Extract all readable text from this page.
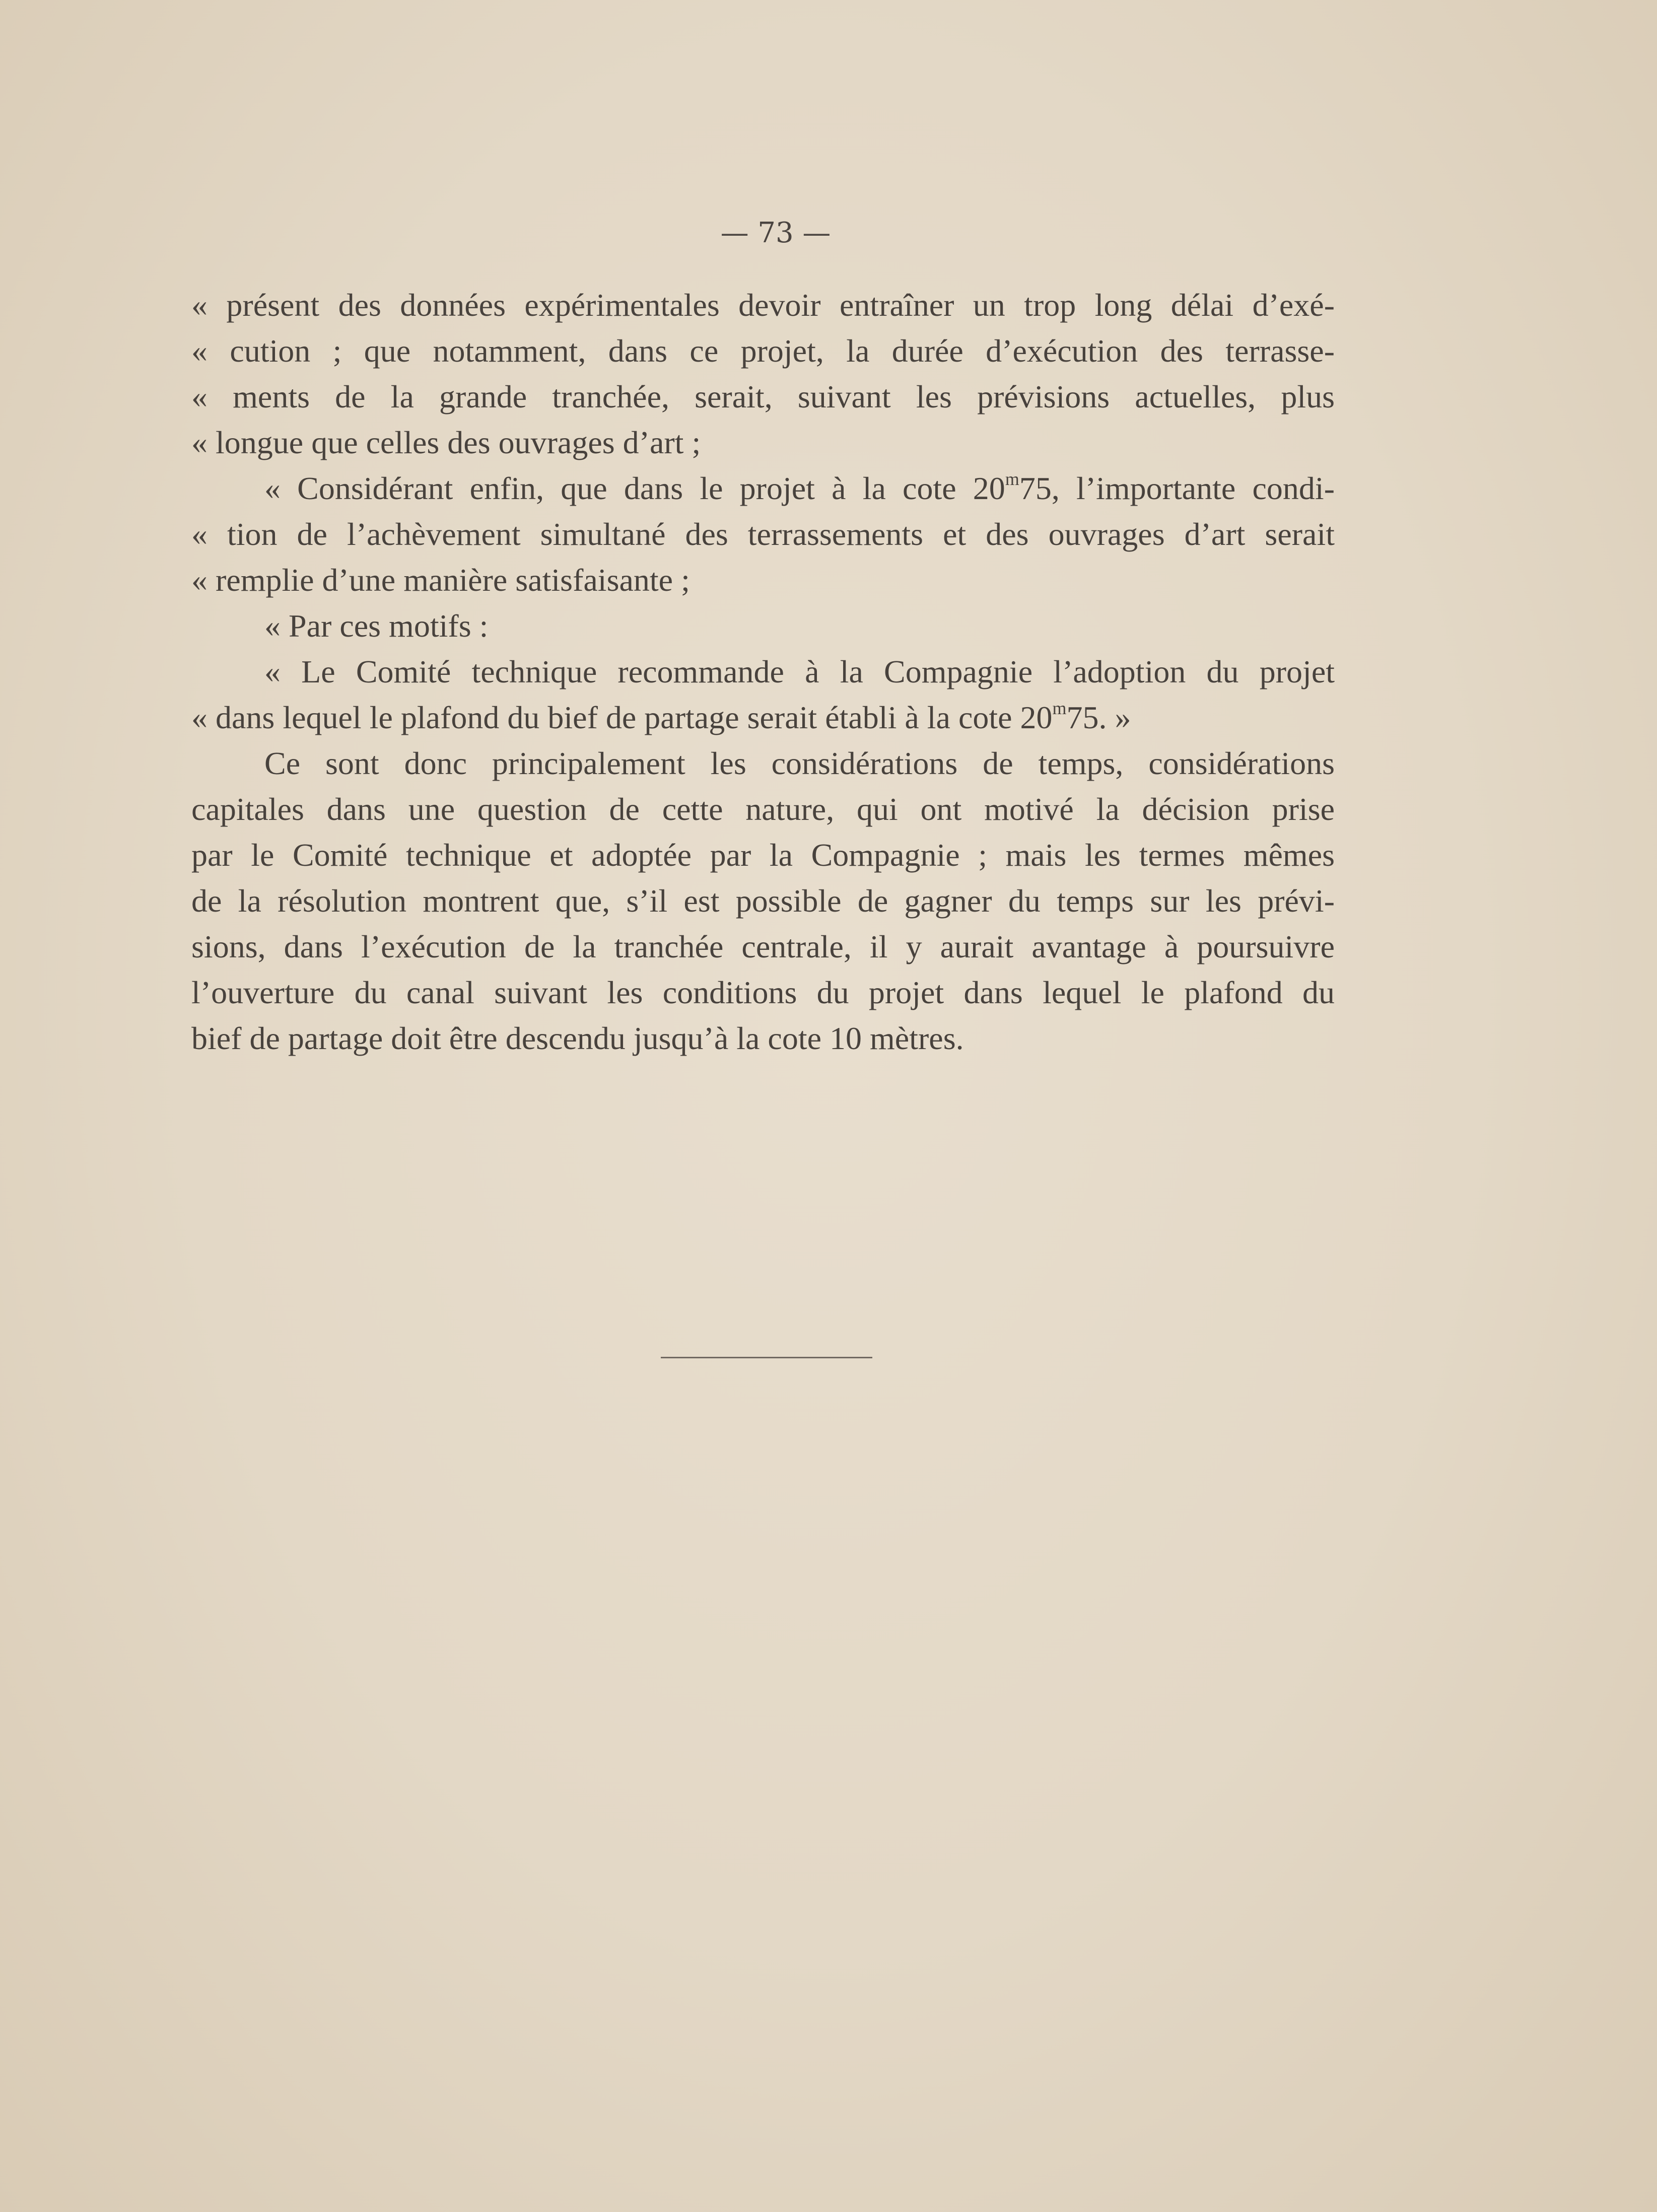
— 73 —
« présent des données expérimentales devoir entraîner un trop long délai d’exé-
« cution ; que notamment, dans ce projet, la durée d’exécution des terrasse-
« ments de la grande tranchée, serait, suivant les prévisions actuelles, plus
« longue que celles des ouvrages d’art ;
« Considérant enfin, que dans le projet à la cote 20$^m$75, l’importante condi-
« tion de l’achèvement simultané des terrassements et des ouvrages d’art serait
« remplie d’une manière satisfaisante ;
« Par ces motifs :
« Le Comité technique recommande à la Compagnie l’adoption du projet
« dans lequel le plafond du bief de partage serait établi à la cote 20$^m$75. »
Ce sont donc principalement les considérations de temps, considérations
capitales dans une question de cette nature, qui ont motivé la décision prise
par le Comité technique et adoptée par la Compagnie ; mais les termes mêmes
de la résolution montrent que, s’il est possible de gagner du temps sur les prévi-
sions, dans l’exécution de la tranchée centrale, il y aurait avantage à poursuivre
l’ouverture du canal suivant les conditions du projet dans lequel le plafond du
bief de partage doit être descendu jusqu’à la cote 10 mètres.
